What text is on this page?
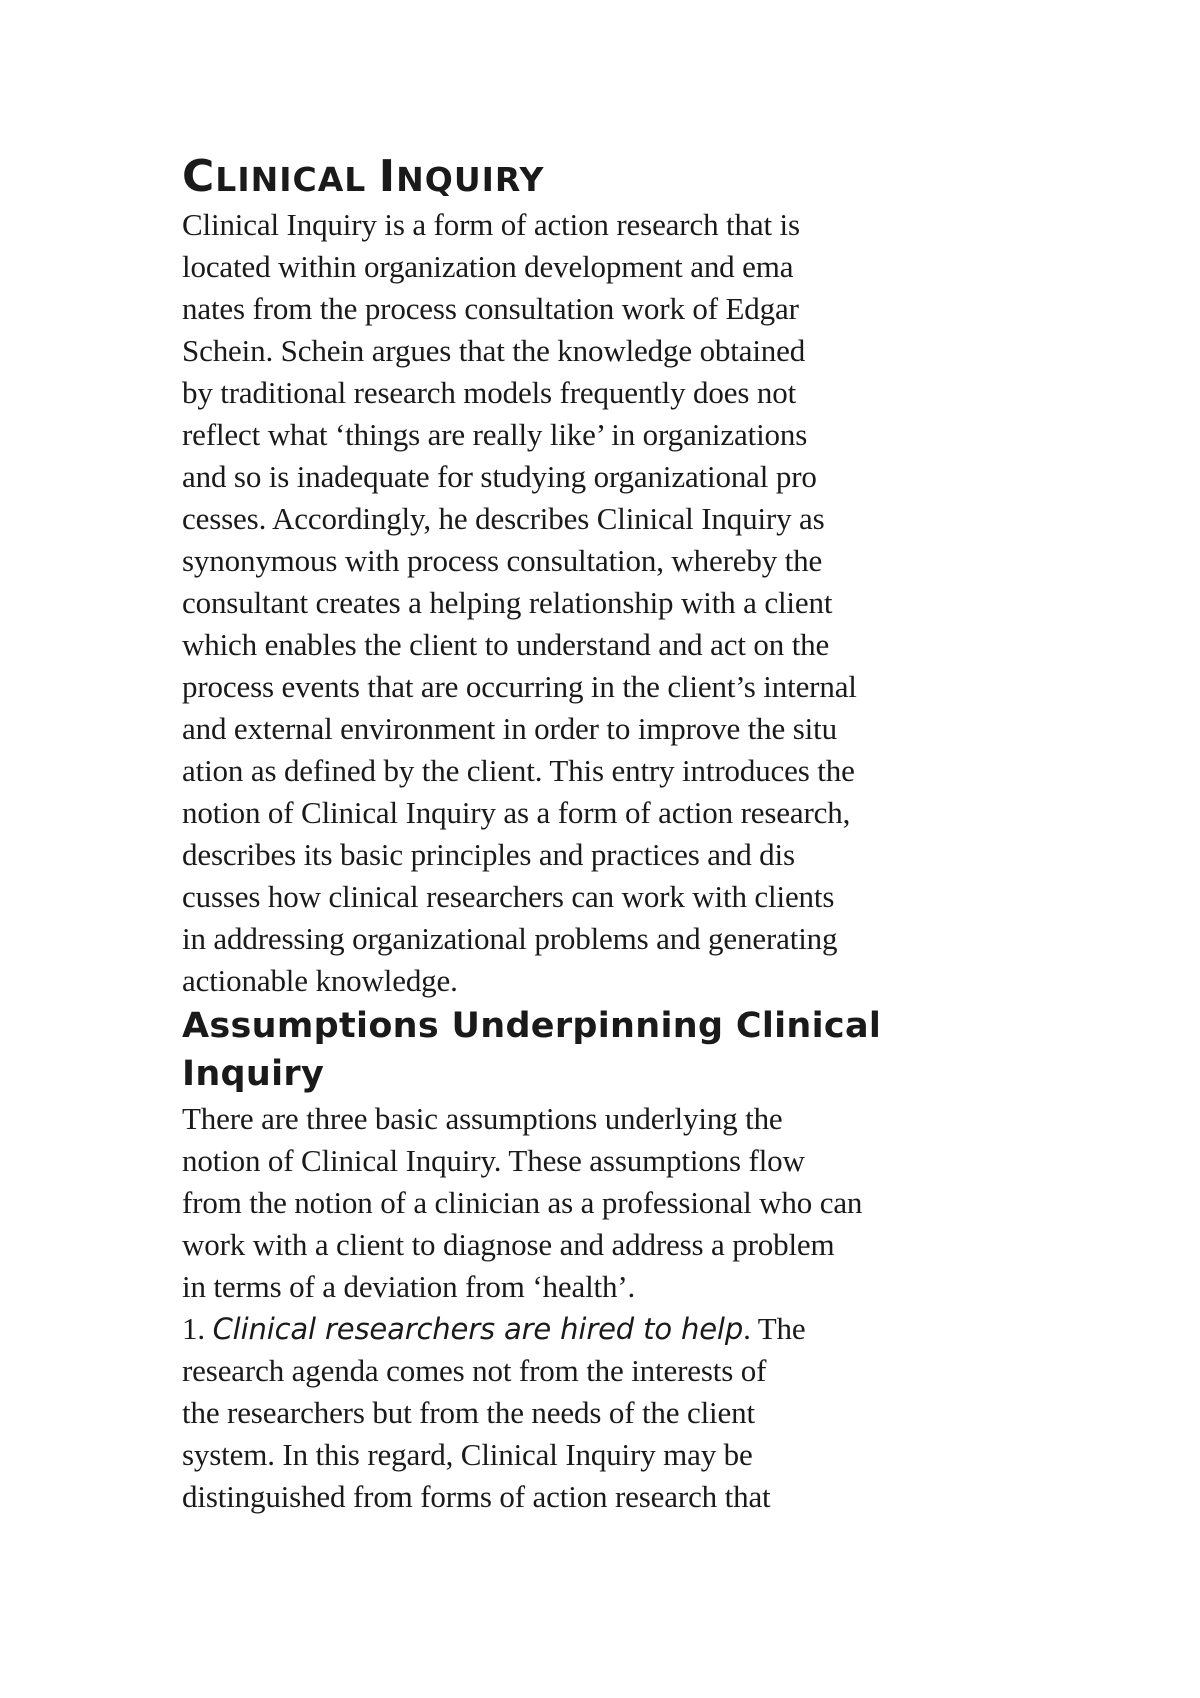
CLINICAL INQUIRY
Clinical Inquiry is a form of action research that is
located within organization development and ema
nates from the process consultation work of Edgar
Schein. Schein argues that the knowledge obtained
by traditional research models frequently does not
reflect what ‘things are really like’ in organizations
and so is inadequate for studying organizational pro
cesses. Accordingly, he describes Clinical Inquiry as
synonymous with process consultation, whereby the
consultant creates a helping relationship with a client
which enables the client to understand and act on the
process events that are occurring in the client’s internal
and external environment in order to improve the situ
ation as defined by the client. This entry introduces the
notion of Clinical Inquiry as a form of action research,
describes its basic principles and practices and dis
cusses how clinical researchers can work with clients
in addressing organizational problems and generating
actionable knowledge.
Assumptions Underpinning Clinical
Inquiry
There are three basic assumptions underlying the
notion of Clinical Inquiry. These assumptions flow
from the notion of a clinician as a professional who can
work with a client to diagnose and address a problem
in terms of a deviation from ‘health’.
1. Clinical researchers are hired to help. The
research agenda comes not from the interests of
the researchers but from the needs of the client
system. In this regard, Clinical Inquiry may be
distinguished from forms of action research that
